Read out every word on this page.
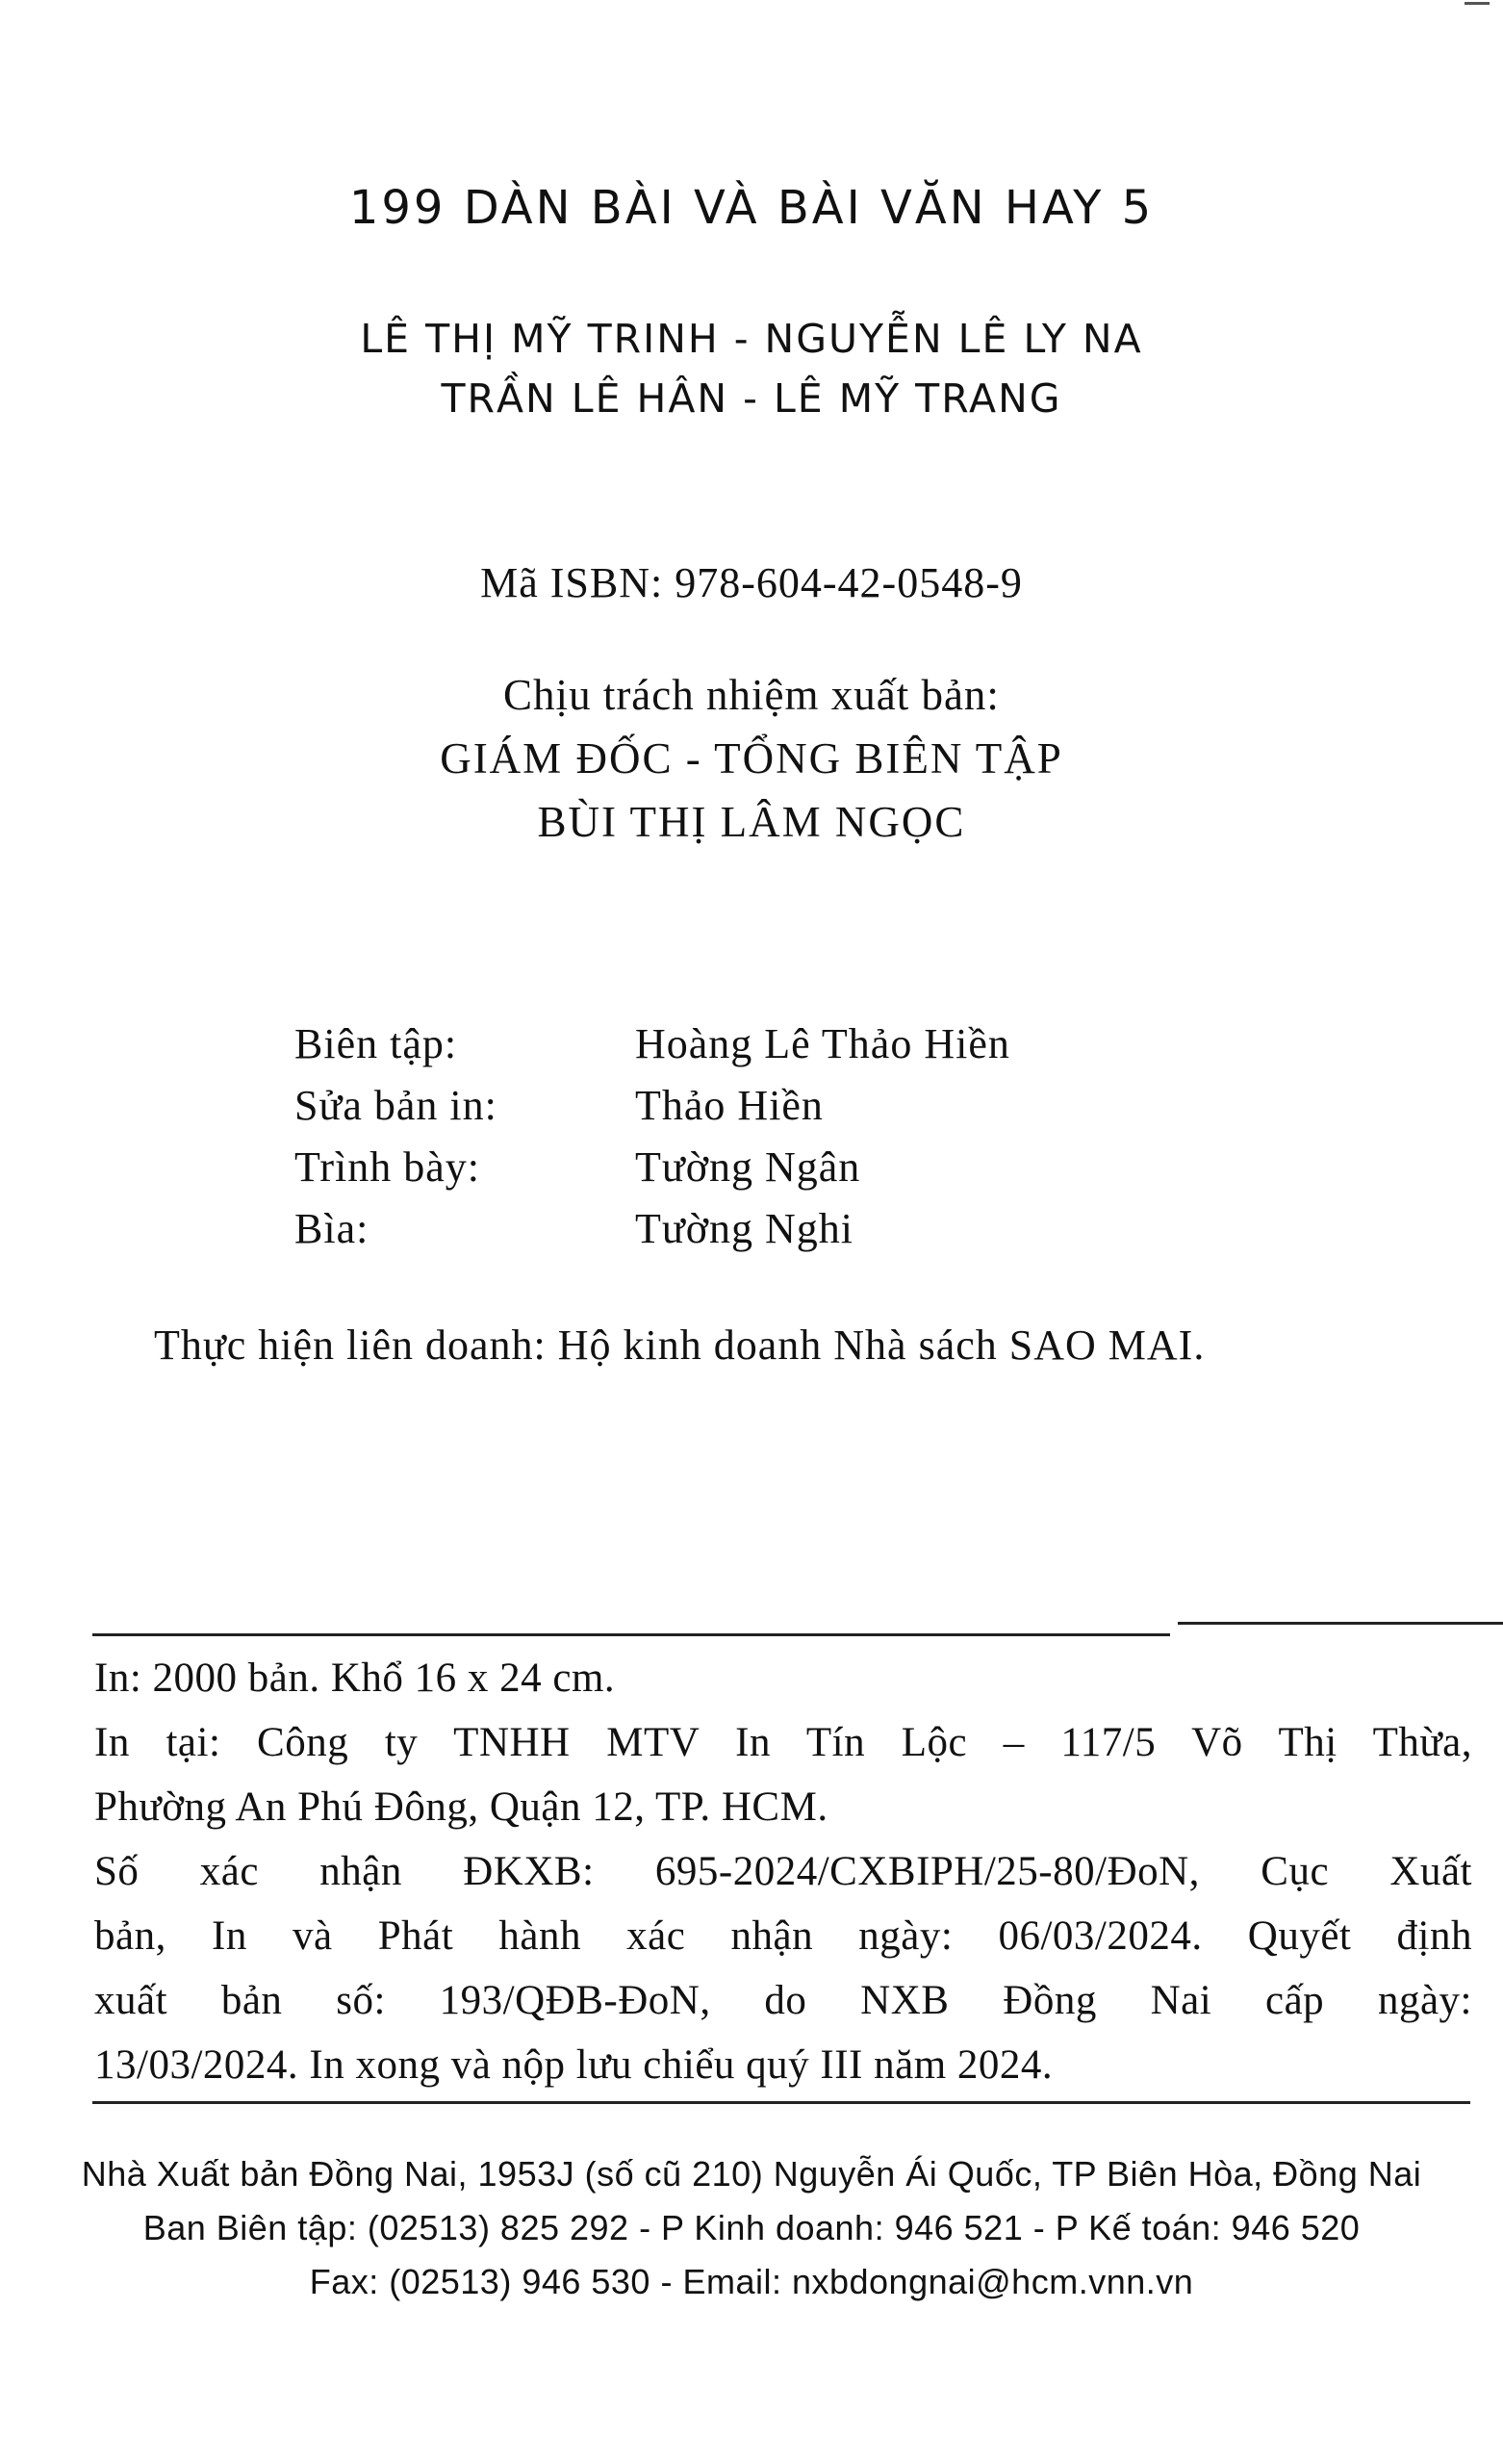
199 DÀN BÀI VÀ BÀI VĂN HAY 5
LÊ THỊ MỸ TRINH - NGUYỄN LÊ LY NA
TRẦN LÊ HÂN - LÊ MỸ TRANG
Mã ISBN: 978-604-42-0548-9
Chịu trách nhiệm xuất bản:
GIÁM ĐỐC - TỔNG BIÊN TẬP
BÙI THỊ LÂM NGỌC
Biên tập:	Hoàng Lê Thảo Hiền
Sửa bản in:	Thảo Hiền
Trình bày:	Tường Ngân
Bìa:	Tường Nghi
Thực hiện liên doanh: Hộ kinh doanh Nhà sách SAO MAI.

In: 2000 bản. Khổ 16 x 24 cm.

In tại: Công ty TNHH MTV In Tín Lộc – 117/5 Võ Thị Thừa,

Phường An Phú Đông, Quận 12, TP. HCM.

Số xác nhận ĐKXB: 695-2024/CXBIPH/25-80/ĐoN, Cục Xuất

bản, In và Phát hành xác nhận ngày: 06/03/2024. Quyết định

xuất bản số: 193/QĐB-ĐoN, do NXB Đồng Nai cấp ngày:

13/03/2024. In xong và nộp lưu chiểu quý III năm 2024.

Nhà Xuất bản Đồng Nai, 1953J (số cũ 210) Nguyễn Ái Quốc, TP Biên Hòa, Đồng Nai
Ban Biên tập: (02513) 825 292 - P Kinh doanh: 946 521 - P Kế toán: 946 520
Fax: (02513) 946 530 - Email: nxbdongnai@hcm.vnn.vn
